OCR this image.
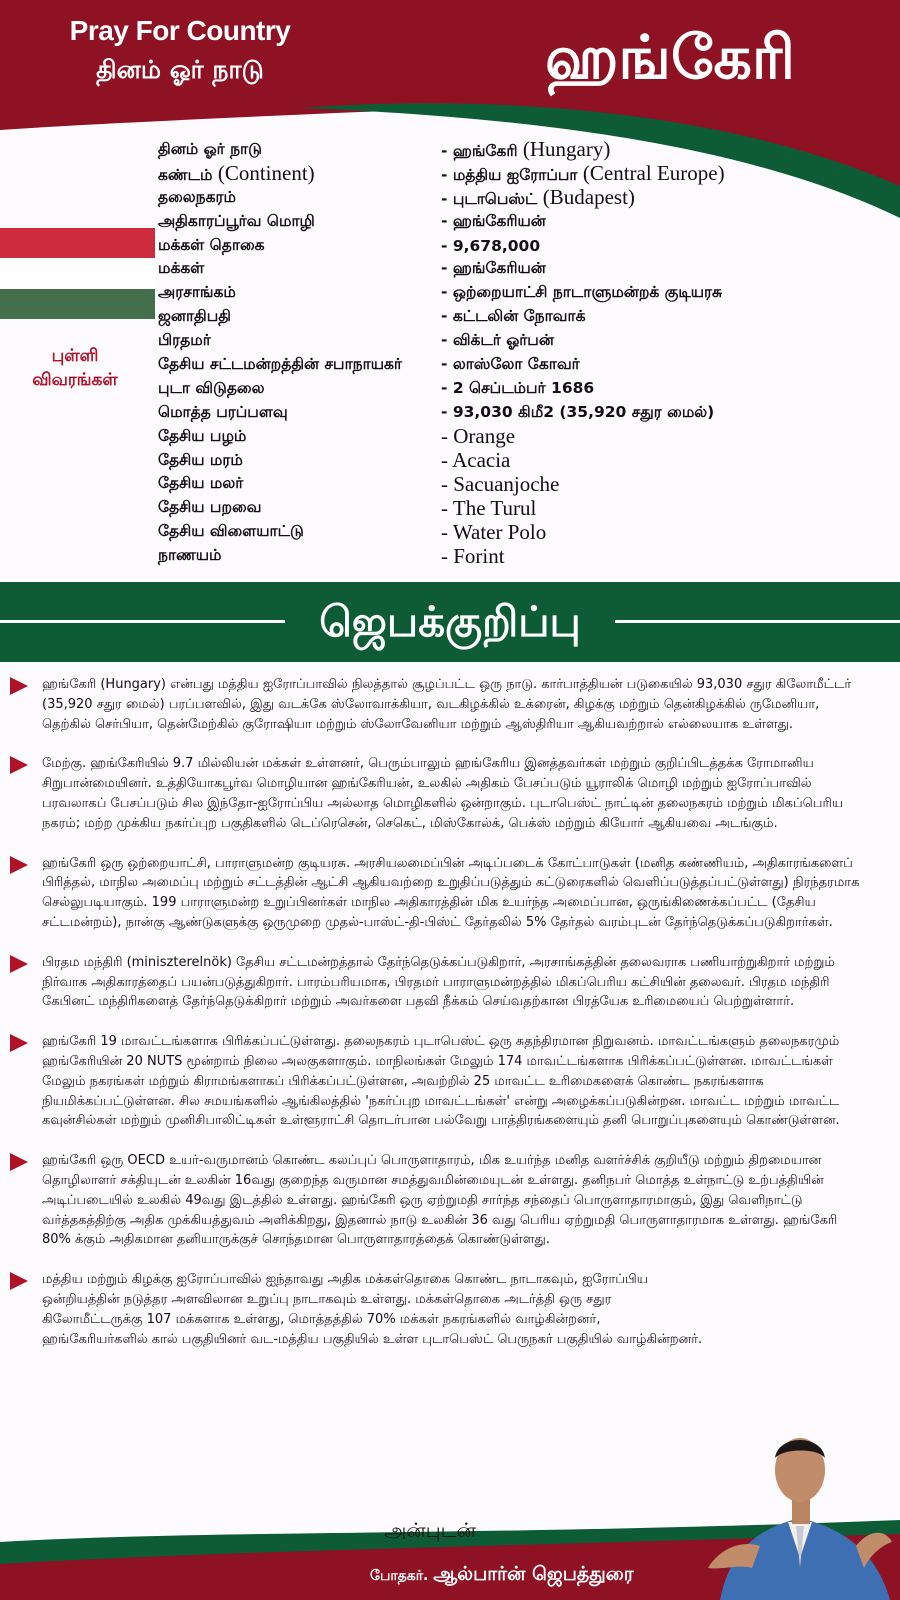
Pray For Country
தினம் ஓர் நாடு	ஹங்கேரி
புள்ளி
விவரங்கள்
தினம் ஓர் நாடு	- ஹங்கேரி (Hungary)
கண்டம் (Continent)	- மத்திய ஐரோப்பா (Central Europe)
தலைநகரம்	- புடாபெஸ்ட் (Budapest)
அதிகாரப்பூர்வ மொழி	- ஹங்கேரியன்
மக்கள் தொகை	- 9,678,000
மக்கள்	- ஹங்கேரியன்
அரசாங்கம்	- ஒற்றையாட்சி நாடாளுமன்றக் குடியரசு
ஜனாதிபதி	- கட்டலின் நோவாக்
பிரதமர்	- விக்டர் ஓர்பன்
தேசிய சட்டமன்றத்தின் சபாநாயகர்	- லாஸ்லோ கோவர்
புடா விடுதலை	- 2 செப்டம்பர் 1686
மொத்த பரப்பளவு	- 93,030 கிமீ2 (35,920 சதுர மைல்)
தேசிய பழம்	- Orange
தேசிய மரம்	- Acacia
தேசிய மலர்	- Sacuanjoche
தேசிய பறவை	- The Turul
தேசிய விளையாட்டு	- Water Polo
நாணயம்	- Forint
ஜெபக்குறிப்பு

ஹங்கேரி (Hungary) என்பது மத்திய ஐரோப்பாவில் நிலத்தால் சூழப்பட்ட ஒரு நாடு. கார்பாத்தியன் படுகையில் 93,030 சதுர கிலோமீட்டர் (35,920 சதுர மைல்) பரப்பளவில், இது வடக்கே ஸ்லோவாக்கியா, வடகிழக்கில் உக்ரைன், கிழக்கு மற்றும் தென்கிழக்கில் ருமேனியா, தெற்கில் செர்பியா, தென்மேற்கில் குரோஷியா மற்றும் ஸ்லோவேனியா மற்றும் ஆஸ்திரியா ஆகியவற்றால் எல்லையாக உள்ளது.

மேற்கு. ஹங்கேரியில் 9.7 மில்லியன் மக்கள் உள்ளனர், பெரும்பாலும் ஹங்கேரிய இனத்தவர்கள் மற்றும் குறிப்பிடத்தக்க ரோமானிய சிறுபான்மையினர். உத்தியோகபூர்வ மொழியான ஹங்கேரியன், உலகில் அதிகம் பேசப்படும் யூராலிக் மொழி மற்றும் ஐரோப்பாவில் பரவலாகப் பேசப்படும் சில இந்தோ-ஐரோப்பிய அல்லாத மொழிகளில் ஒன்றாகும். புடாபெஸ்ட் நாட்டின் தலைநகரம் மற்றும் மிகப்பெரிய நகரம்; மற்ற முக்கிய நகர்ப்புற பகுதிகளில் டெப்ரெசென், செகெட், மிஸ்கோல்க், பெக்ஸ் மற்றும் கியோர் ஆகியவை அடங்கும்.

ஹங்கேரி ஒரு ஒற்றையாட்சி, பாராளுமன்ற குடியரசு. அரசியலமைப்பின் அடிப்படைக் கோட்பாடுகள் (மனித கண்ணியம், அதிகாரங்களைப் பிரித்தல், மாநில அமைப்பு மற்றும் சட்டத்தின் ஆட்சி ஆகியவற்றை உறுதிப்படுத்தும் கட்டுரைகளில் வெளிப்படுத்தப்பட்டுள்ளது) நிரந்தரமாக செல்லுபடியாகும். 199 பாராளுமன்ற உறுப்பினர்கள் மாநில அதிகாரத்தின் மிக உயர்ந்த அமைப்பான, ஒருங்கிணைக்கப்பட்ட (தேசிய சட்டமன்றம்), நான்கு ஆண்டுகளுக்கு ஒருமுறை முதல்-பாஸ்ட்-தி-பிஸ்ட் தேர்தலில் 5% தேர்தல் வரம்புடன் தேர்ந்தெடுக்கப்படுகிறார்கள்.

பிரதம மந்திரி (miniszterelnök) தேசிய சட்டமன்றத்தால் தேர்ந்தெடுக்கப்படுகிறார், அரசாங்கத்தின் தலைவராக பணியாற்றுகிறார் மற்றும் நிர்வாக அதிகாரத்தைப் பயன்படுத்துகிறார். பாரம்பரியமாக, பிரதமர் பாராளுமன்றத்தில் மிகப்பெரிய கட்சியின் தலைவர். பிரதம மந்திரி கேபினட் மந்திரிகளைத் தேர்ந்தெடுக்கிறார் மற்றும் அவர்களை பதவி நீக்கம் செய்வதற்கான பிரத்யேக உரிமையைப் பெற்றுள்ளார்.

ஹங்கேரி 19 மாவட்டங்களாக பிரிக்கப்பட்டுள்ளது. தலைநகரம் புடாபெஸ்ட் ஒரு சுதந்திரமான நிறுவனம். மாவட்டங்களும் தலைநகரமும் ஹங்கேரியின் 20 NUTS மூன்றாம் நிலை அலகுகளாகும். மாநிலங்கள் மேலும் 174 மாவட்டங்களாக பிரிக்கப்பட்டுள்ளன. மாவட்டங்கள் மேலும் நகரங்கள் மற்றும் கிராமங்களாகப் பிரிக்கப்பட்டுள்ளன, அவற்றில் 25 மாவட்ட உரிமைகளைக் கொண்ட நகரங்களாக நியமிக்கப்பட்டுள்ளன. சில சமயங்களில் ஆங்கிலத்தில் 'நகர்ப்புற மாவட்டங்கள்' என்று அழைக்கப்படுகின்றன. மாவட்ட மற்றும் மாவட்ட கவுன்சில்கள் மற்றும் முனிசிபாலிட்டிகள் உள்ளூராட்சி தொடர்பான பல்வேறு பாத்திரங்களையும் தனி பொறுப்புகளையும் கொண்டுள்ளன.

ஹங்கேரி ஒரு OECD உயர்-வருமானம் கொண்ட கலப்புப் பொருளாதாரம், மிக உயர்ந்த மனித வளர்ச்சிக் குறியீடு மற்றும் திறமையான தொழிலாளர் சக்தியுடன் உலகின் 16வது குறைந்த வருமான சமத்துவமின்மையுடன் உள்ளது. தனிநபர் மொத்த உள்நாட்டு உற்பத்தியின் அடிப்படையில் உலகில் 49வது இடத்தில் உள்ளது. ஹங்கேரி ஒரு ஏற்றுமதி சார்ந்த சந்தைப் பொருளாதாரமாகும், இது வெளிநாட்டு வர்த்தகத்திற்கு அதிக முக்கியத்துவம் அளிக்கிறது, இதனால் நாடு உலகின் 36 வது பெரிய ஏற்றுமதி பொருளாதாரமாக உள்ளது. ஹங்கேரி 80% க்கும் அதிகமான தனியாருக்குச் சொந்தமான பொருளாதாரத்தைக் கொண்டுள்ளது.

மத்திய மற்றும் கிழக்கு ஐரோப்பாவில் ஐந்தாவது அதிக மக்கள்தொகை கொண்ட நாடாகவும், ஐரோப்பிய ஒன்றியத்தின் நடுத்தர அளவிலான உறுப்பு நாடாகவும் உள்ளது. மக்கள்தொகை அடர்த்தி ஒரு சதுர கிலோமீட்டருக்கு 107 மக்களாக உள்ளது, மொத்தத்தில் 70% மக்கள் நகரங்களில் வாழ்கின்றனர், ஹங்கேரியர்களில் கால் பகுதியினர் வட-மத்திய பகுதியில் உள்ள புடாபெஸ்ட் பெருநகர் பகுதியில் வாழ்கின்றனர்.

அன்புடன்
போதகர். ஆல்பார்ன் ஜெபத்துரை
